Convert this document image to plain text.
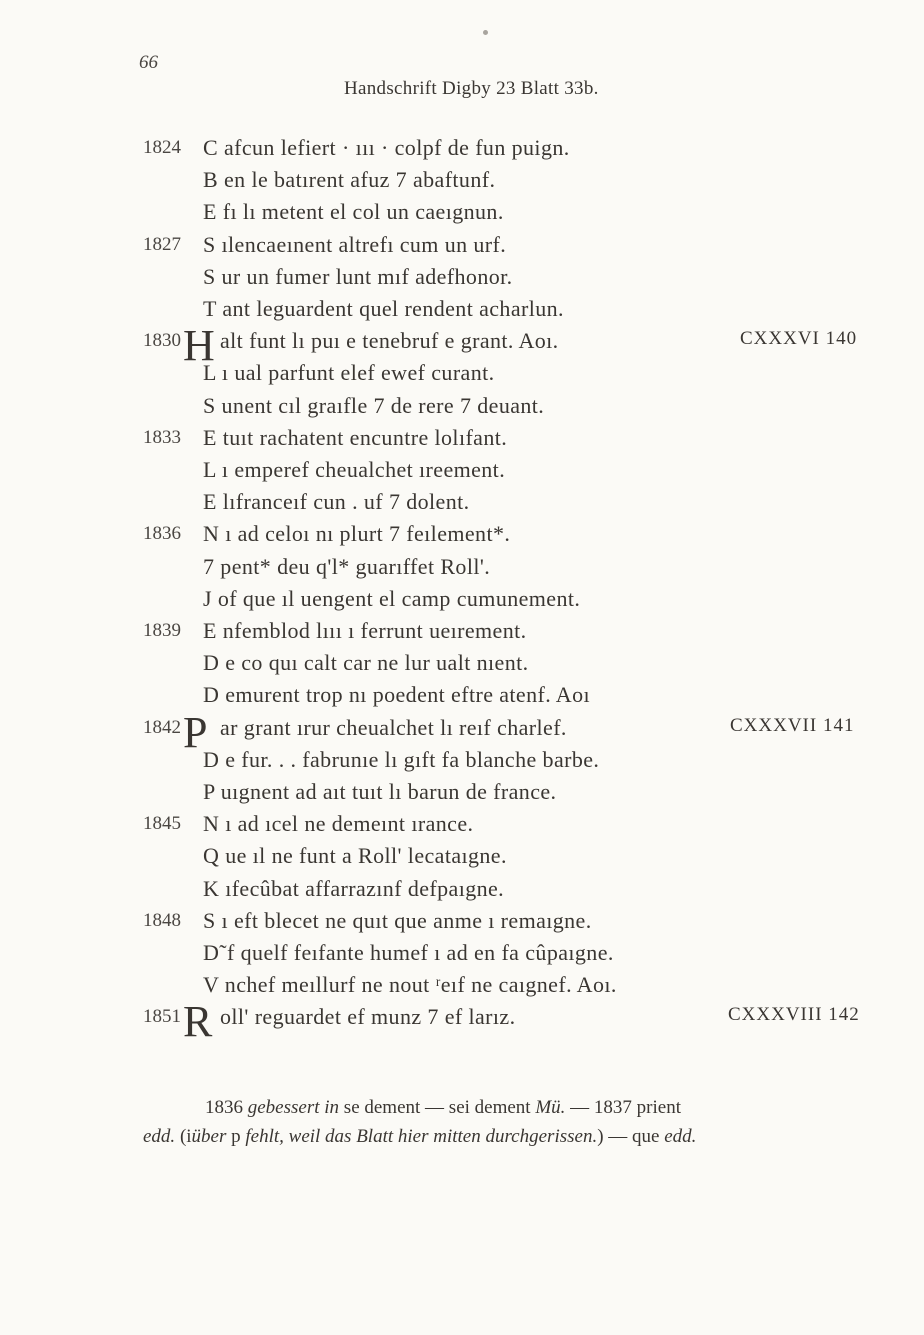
66
Handschrift Digby 23 Blatt 33b.
1824 C afcun lefiert · ııı · colpf de fun puign.
B en le batırent afuz 7 abaftunf.
E fı lı metent el col un caeıgnun.
1827 S ılencaeınent altrefı cum un urf.
S ur un fumer lunt mıf adefhonor.
T ant leguardent quel rendent acharlun.
1830 H alt funt lı puı e tenebruf e grant. Aoı.	CXXXVI 140
L ı ual parfunt elef ewef curant.
S unent cıl graıfle 7 de rere 7 deuant.
1833 E tuıt rachatent encuntre lolıfant.
L ı emperef cheualchet ıreement.
E lıfranceıf cun . uf 7 dolent.
1836 N ı ad celoı nı plurt 7 feılement*.
7 pent* deu q'l* guarıffet Roll'.
J of que ıl uengent el camp cumunement.
1839 E nfemblod lııı ı ferrunt ueırement.
D e co quı calt car ne lur ualt nıent.
D emurent trop nı poedent eftre atenf. Aoı
1842 P ar grant ırur cheualchet lı reıf charlef.	CXXXVII 141
D e fur. . . fabrunıe lı gıft fa blanche barbe.
P uıgnent ad aıt tuıt lı barun de france.
1845 N ı ad ıcel ne demeınt ırance.
Q ue ıl ne funt a Roll' lecataıgne.
K ıfecûbat affarrazınf defpaıgne.
1848 S ı eft blecet ne quıt que anme ı remaıgne.
D˜f quelf feıfante humef ı ad en fa cûpaıgne.
V nchef meıllurf ne nout ʳeıf ne caıgnef. Aoı.
1851 R oll' reguardet ef munz 7 ef larız.	CXXXVIII 142
1836 gebessert in se dement — sei dement Mü. — 1837 prient
edd. (iüber p fehlt, weil das Blatt hier mitten durchgerissen.) — que edd.
